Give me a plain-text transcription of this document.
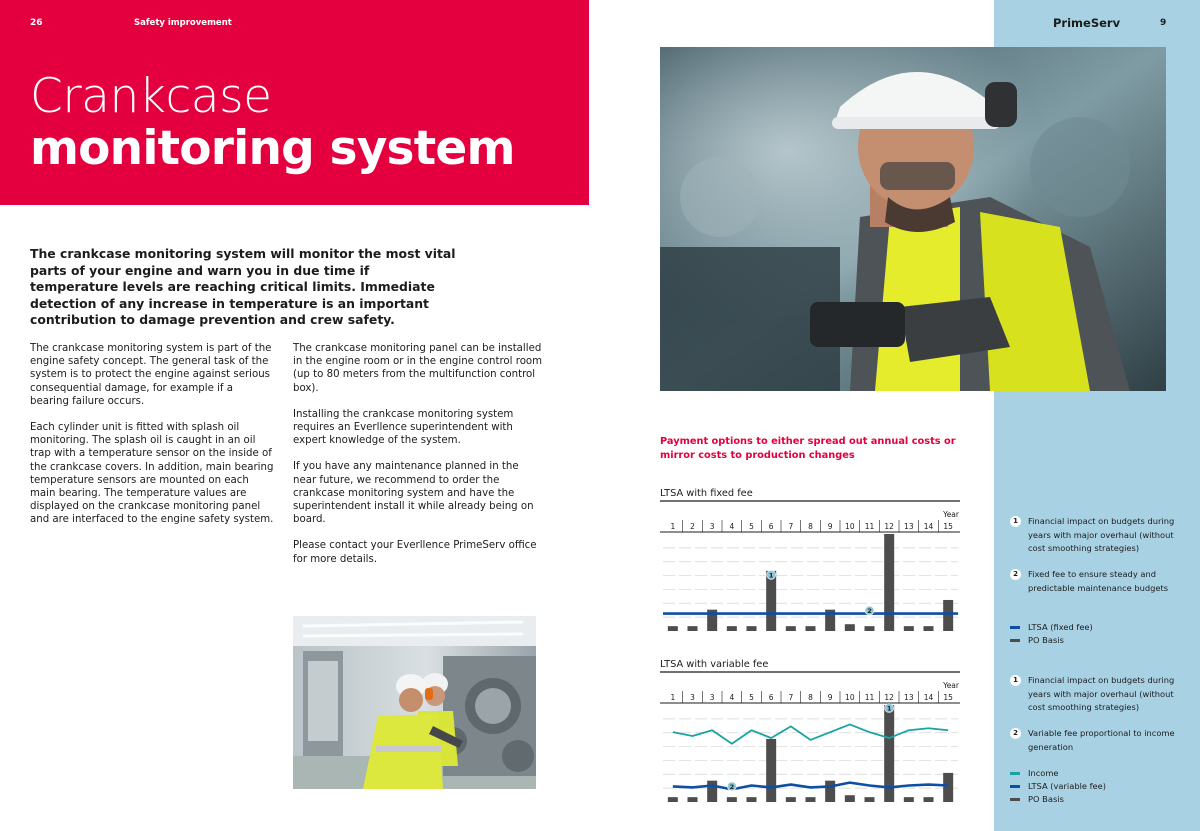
26	Safety improvement
Crankcase
monitoring system
The crankcase monitoring system will monitor the most vital parts of your engine and warn you in due time if temperature levels are reaching critical limits. Immediate detection of any increase in temperature is an important contribution to damage prevention and crew safety.

The crankcase monitoring system is part of the engine safety concept. The general task of the system is to protect the engine against serious consequential damage, for example if a bearing failure occurs.

Each cylinder unit is fitted with splash oil monitoring. The splash oil is caught in an oil trap with a temperature sensor on the inside of the crankcase covers. In addition, main bearing temperature sensors are mounted on each main bearing. The temperature values are displayed on the crankcase monitoring panel and are interfaced to the engine safety system.

The crankcase monitoring panel can be installed in the engine room or in the engine control room (up to 80 meters from the multifunction control box).

Installing the crankcase monitoring system requires an Everllence superintendent with expert knowledge of the system.

If you have any maintenance planned in the near future, we recommend to order the crankcase monitoring system and have the superintendent install it while already being on board.

Please contact your Everllence PrimeServ office for more details.

PrimeServ	9
Payment options to either spread out annual costs or mirror costs to production changes
LTSA with fixed fee
Year
1 2 3 4 5 6 7 8 9 10 11 12 13 14 15
1
2
LTSA with variable fee
Year
1 3 3 4 5 6 7 8 9 10 11 12 13 14 15
1
2
1	Financial impact on budgets during years with major overhaul (without cost smoothing strategies)
2	Fixed fee to ensure steady and predictable maintenance budgets
LTSA (fixed fee)
PO Basis
1	Financial impact on budgets during years with major overhaul (without cost smoothing strategies)
2	Variable fee proportional to income generation
Income
LTSA (variable fee)
PO Basis
